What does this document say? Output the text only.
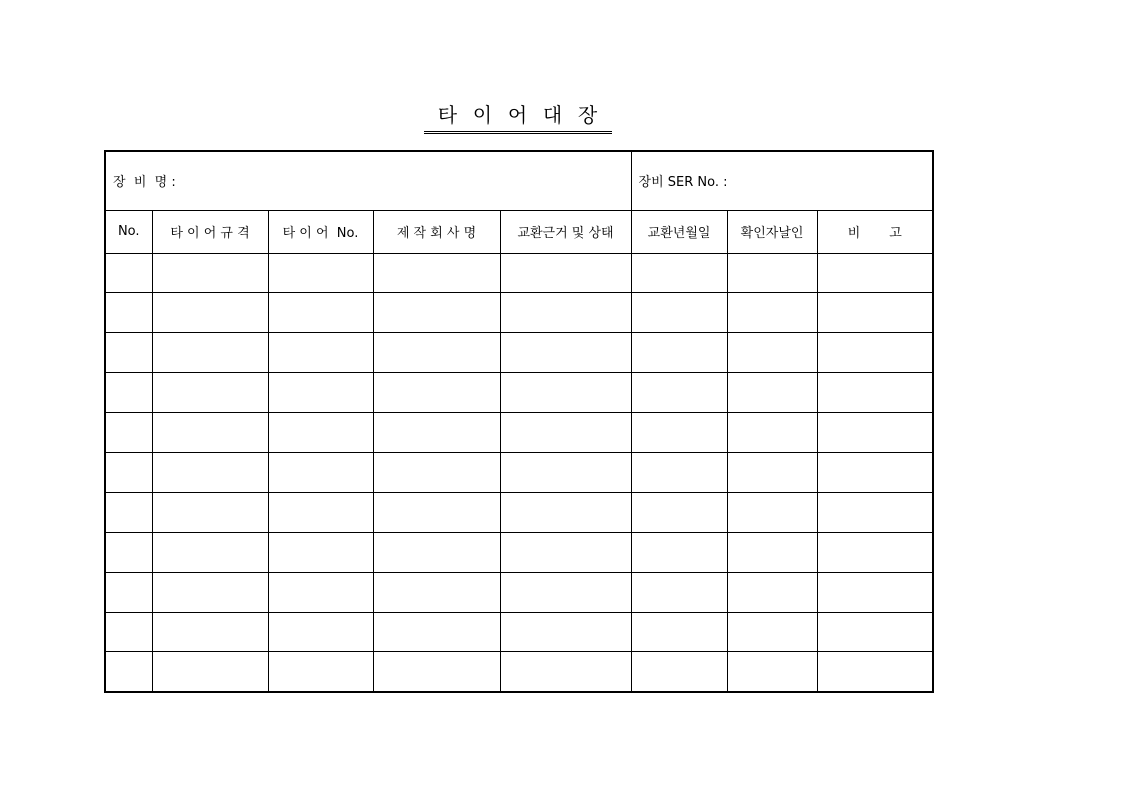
타  이  어  대  장
장  비  명 :					장비 SER No. :		
No.	타 이 어 규 격	타 이 어  No.	제 작 회 사 명	교환근거 및 상태	교환년월일	확인자날인	비       고
